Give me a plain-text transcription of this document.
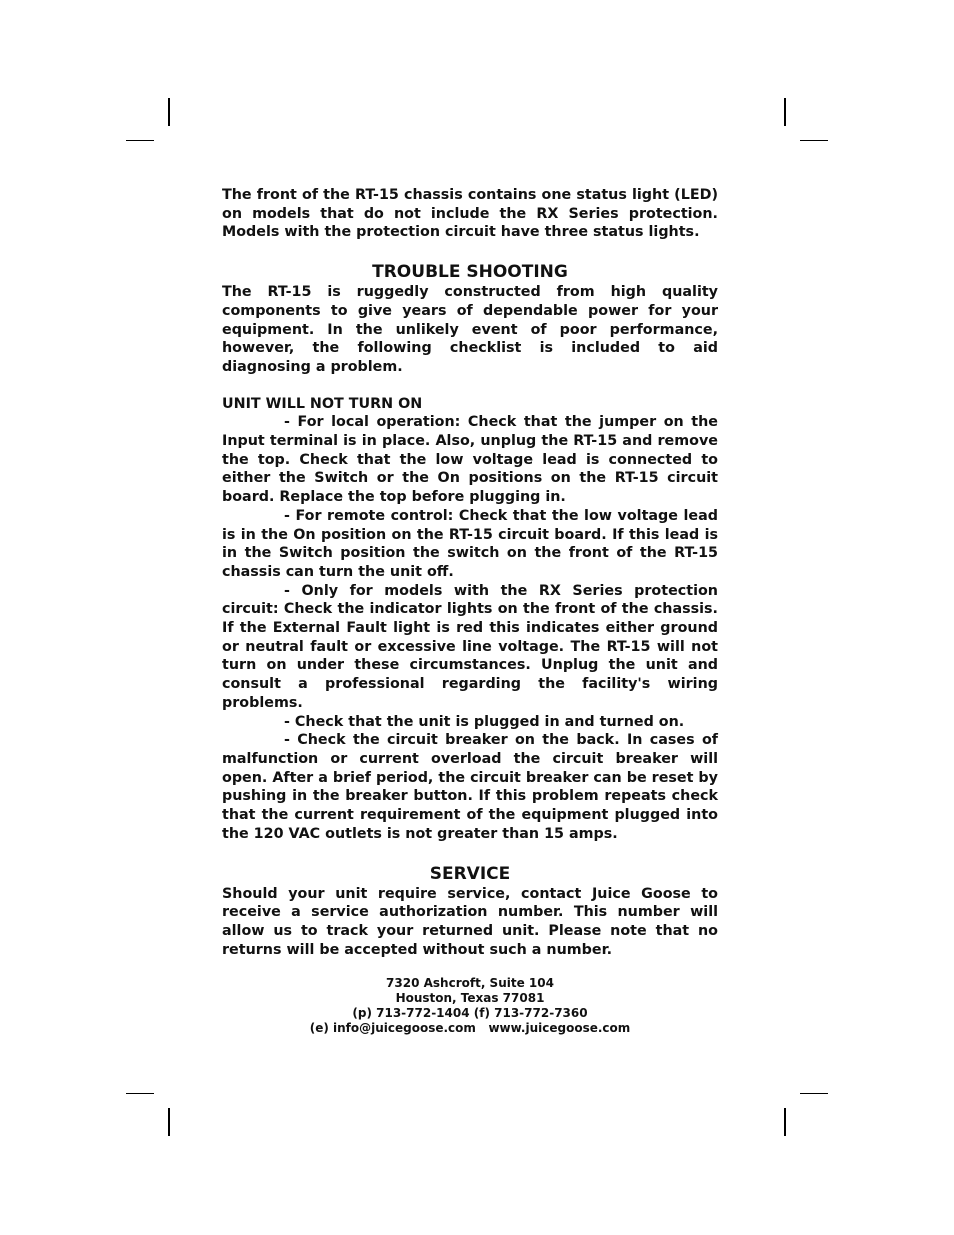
The front of the RT-15 chassis contains one status light (LED) on models that do not include the RX Series protection. Models with the protection circuit have three status lights.

TROUBLE SHOOTING

The RT-15 is ruggedly constructed from high quality components to give years of dependable power for your equipment. In the unlikely event of poor performance, however, the following checklist is included to aid diagnosing a problem.

UNIT WILL NOT TURN ON

- For local operation: Check that the jumper on the Input terminal is in place. Also, unplug the RT-15 and remove the top. Check that the low voltage lead is connected to either the Switch or the On positions on the RT-15 circuit board. Replace the top before plugging in.

- For remote control: Check that the low voltage lead is in the On position on the RT-15 circuit board. If this lead is in the Switch position the switch on the front of the RT-15 chassis can turn the unit off.

- Only for models with the RX Series protection circuit: Check the indicator lights on the front of the chassis. If the External Fault light is red this indicates either ground or neutral fault or excessive line voltage. The RT-15 will not turn on under these circumstances. Unplug the unit and consult a professional regarding the facility's wiring problems.

- Check that the unit is plugged in and turned on.

- Check the circuit breaker on the back. In cases of malfunction or current overload the circuit breaker will open. After a brief period, the circuit breaker can be reset by pushing in the breaker button. If this problem repeats check that the current requirement of the equipment plugged into the 120 VAC outlets is not greater than 15 amps.

SERVICE

Should your unit require service, contact Juice Goose to receive a service authorization number. This number will allow us to track your returned unit. Please note that no returns will be accepted without such a number.

7320 Ashcroft, Suite 104
Houston, Texas 77081
(p) 713-772-1404 (f) 713-772-7360
(e) info@juicegoose.com   www.juicegoose.com
